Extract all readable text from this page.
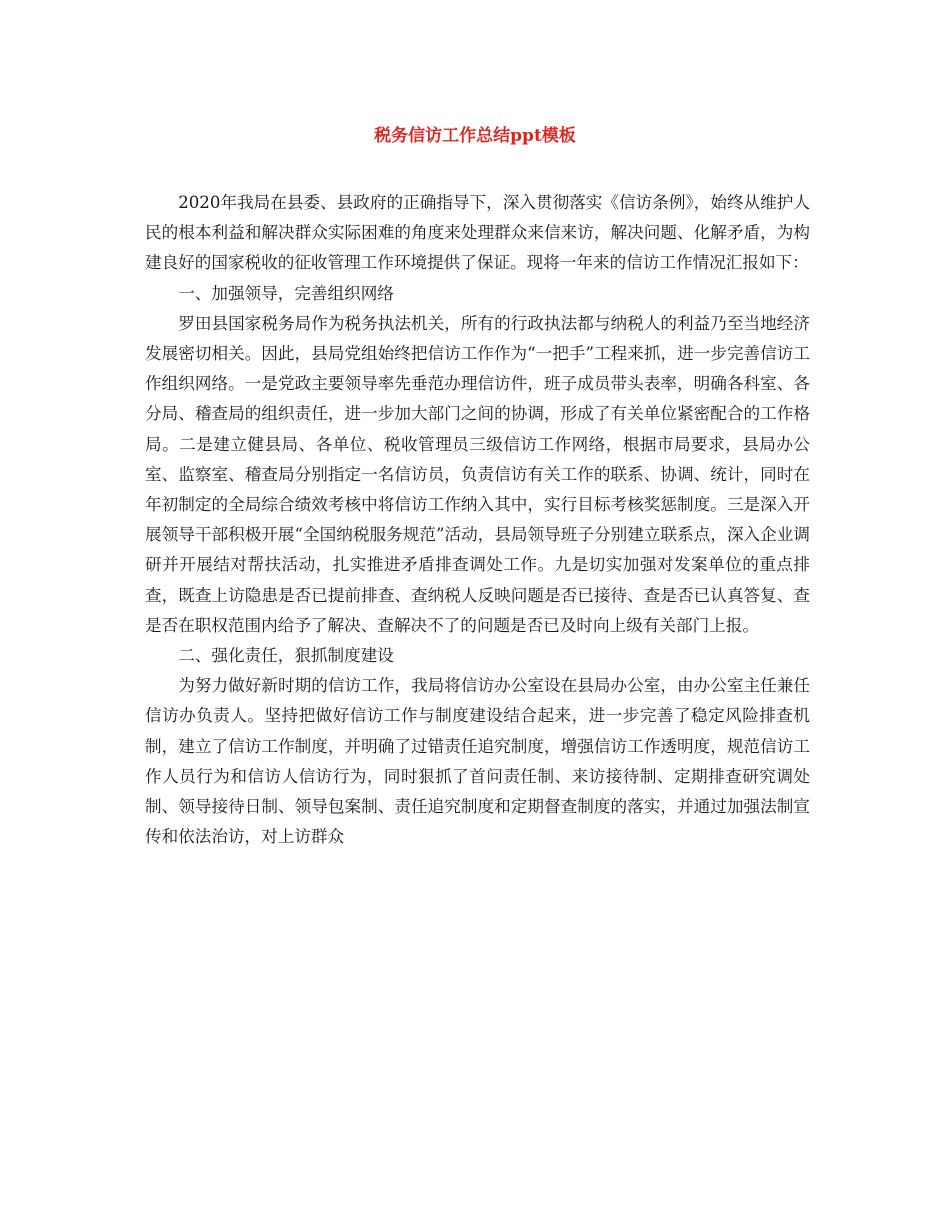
税务信访工作总结ppt模板

2020年我局在县委、县政府的正确指导下，深入贯彻落实《信访条例》，始终从维护人民的根本利益和解决群众实际困难的角度来处理群众来信来访，解决问题、化解矛盾，为构建良好的国家税收的征收管理工作环境提供了保证。现将一年来的信访工作情况汇报如下：

一、加强领导，完善组织网络

罗田县国家税务局作为税务执法机关，所有的行政执法都与纳税人的利益乃至当地经济发展密切相关。因此，县局党组始终把信访工作作为“一把手”工程来抓，进一步完善信访工作组织网络。一是党政主要领导率先垂范办理信访件，班子成员带头表率，明确各科室、各分局、稽查局的组织责任，进一步加大部门之间的协调，形成了有关单位紧密配合的工作格局。二是建立健县局、各单位、税收管理员三级信访工作网络，根据市局要求，县局办公室、监察室、稽查局分别指定一名信访员，负责信访有关工作的联系、协调、统计，同时在年初制定的全局综合绩效考核中将信访工作纳入其中，实行目标考核奖惩制度。三是深入开展领导干部积极开展“全国纳税服务规范”活动，县局领导班子分别建立联系点，深入企业调研并开展结对帮扶活动，扎实推进矛盾排查调处工作。九是切实加强对发案单位的重点排查，既查上访隐患是否已提前排查、查纳税人反映问题是否已接待、查是否已认真答复、查是否在职权范围内给予了解决、查解决不了的问题是否已及时向上级有关部门上报。

二、强化责任，狠抓制度建设

为努力做好新时期的信访工作，我局将信访办公室设在县局办公室，由办公室主任兼任信访办负责人。坚持把做好信访工作与制度建设结合起来，进一步完善了稳定风险排查机制，建立了信访工作制度，并明确了过错责任追究制度，增强信访工作透明度，规范信访工作人员行为和信访人信访行为，同时狠抓了首问责任制、来访接待制、定期排查研究调处制、领导接待日制、领导包案制、责任追究制度和定期督查制度的落实，并通过加强法制宣传和依法治访，对上访群众
